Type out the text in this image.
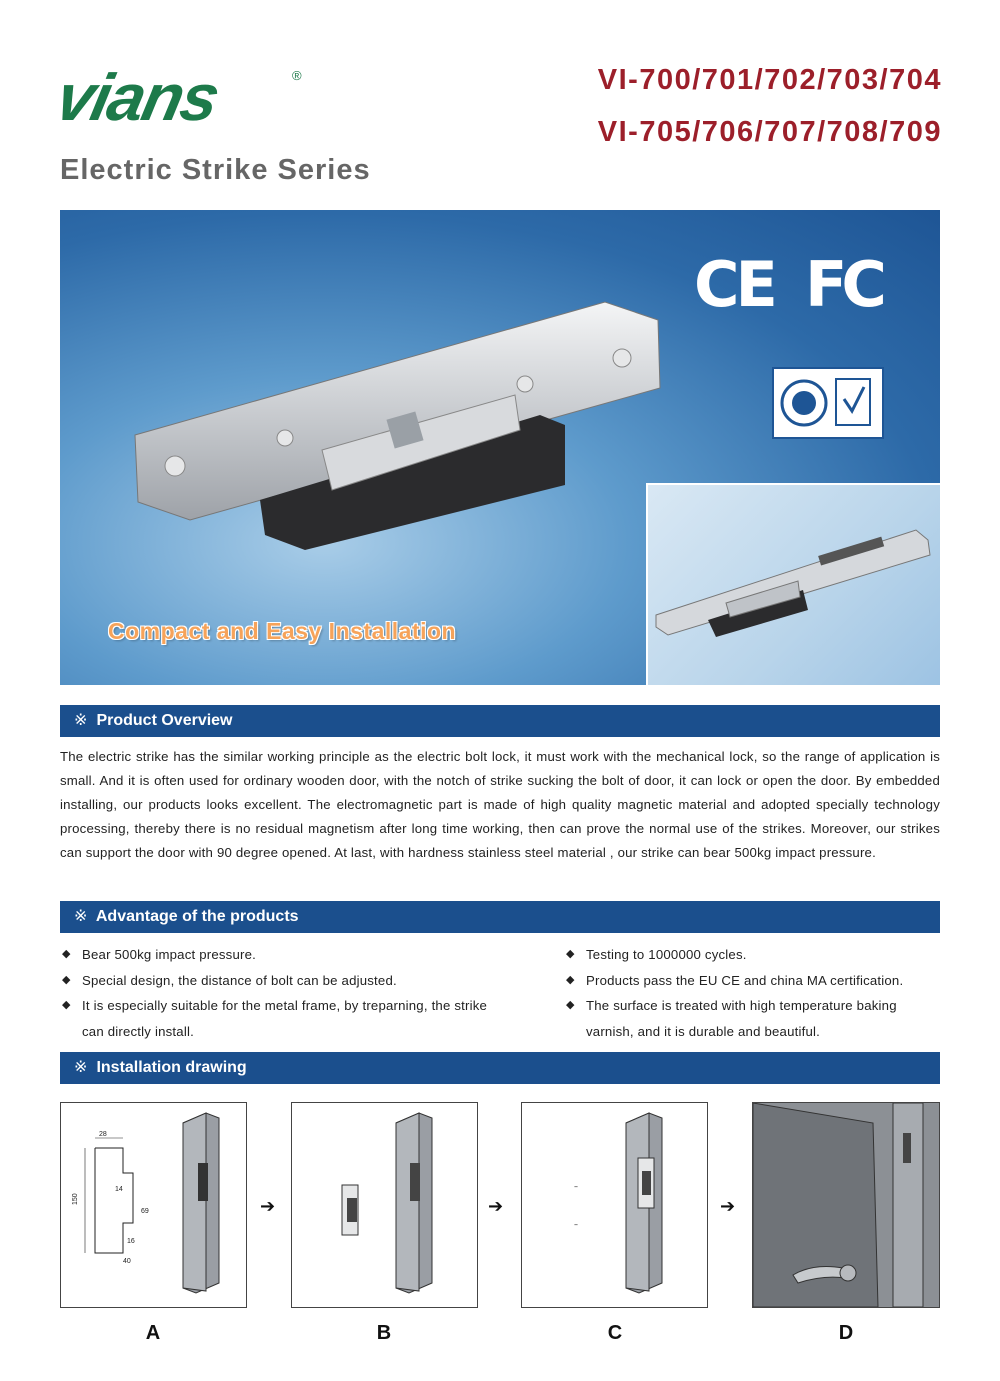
vians	®
Electric Strike Series
VI-700/701/702/703/704
VI-705/706/707/708/709
CE FC
Compact and Easy Installation
※ Product Overview

The electric strike has the similar working principle as the electric bolt lock, it must work with the mechanical lock, so the range of application is small. And it is often used for ordinary wooden door, with the notch of strike sucking the bolt of door, it can lock or open the door. By embedded installing, our products looks excellent. The electromagnetic part is made of high quality magnetic material and adopted specially technology processing, thereby there is no residual magnetism after long time working, then can prove the normal use of the strikes. Moreover, our strikes can support the door with 90 degree opened. At last, with hardness stainless steel material , our strike can bear 500kg impact pressure.

※ Advantage of the products
◆ Bear 500kg impact pressure.
◆ Special design, the distance of bolt can be adjusted.
◆ It is especially suitable for the metal frame, by treparning, the strike can directly install.
◆ Testing to 1000000 cycles.
◆ Products pass the EU CE and china MA certification.
◆ The surface is treated with high temperature baking varnish, and it is durable and beautiful.
※ Installation drawing
28
150
14
69
16
40
➔	➔
–
–
➔
A	B	C	D
